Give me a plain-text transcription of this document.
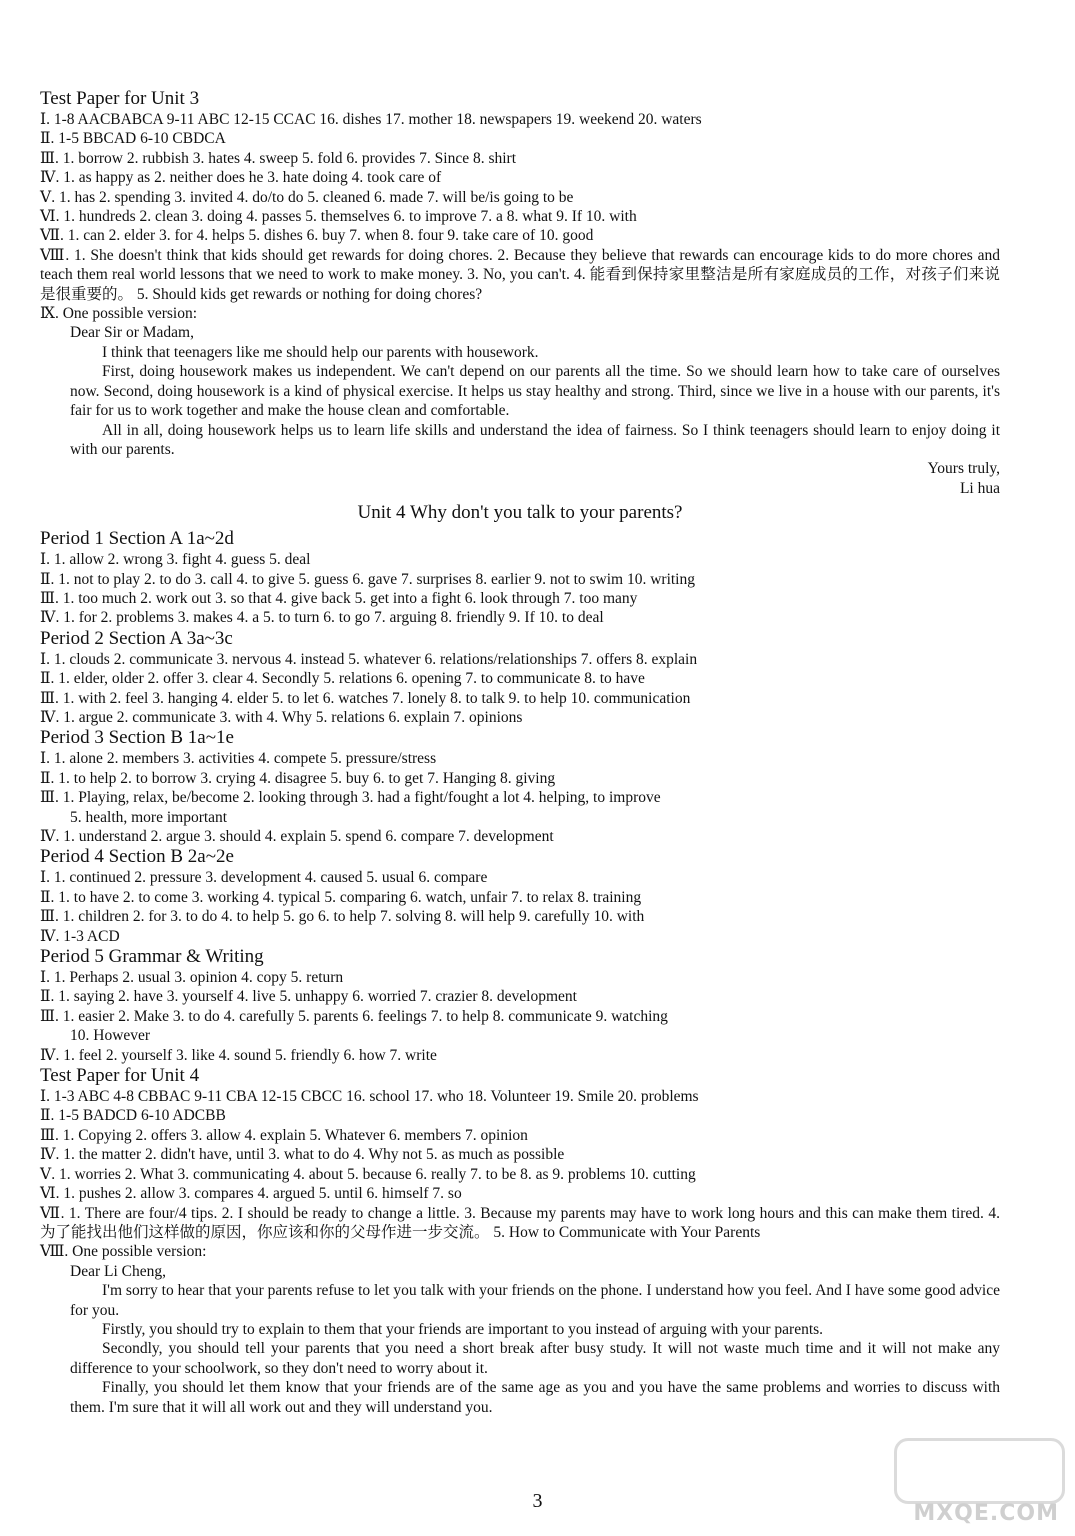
Test Paper for Unit 3

Ⅰ. 1-8 AACBABCA 9-11 ABC 12-15 CCAC 16. dishes 17. mother 18. newspapers 19. weekend 20. waters

Ⅱ. 1-5 BBCAD 6-10 CBDCA

Ⅲ. 1. borrow 2. rubbish 3. hates 4. sweep 5. fold 6. provides 7. Since 8. shirt

Ⅳ. 1. as happy as 2. neither does he 3. hate doing 4. took care of

Ⅴ. 1. has 2. spending 3. invited 4. do/to do 5. cleaned 6. made 7. will be/is going to be

Ⅵ. 1. hundreds 2. clean 3. doing 4. passes 5. themselves 6. to improve 7. a 8. what 9. If 10. with

Ⅶ. 1. can 2. elder 3. for 4. helps 5. dishes 6. buy 7. when 8. four 9. take care of 10. good

Ⅷ. 1. She doesn't think that kids should get rewards for doing chores. 2. Because they believe that rewards can encourage kids to do more chores and teach them real world lessons that we need to work to make money. 3. No, you can't. 4. 能看到保持家里整洁是所有家庭成员的工作，对孩子们来说是很重要的。 5. Should kids get rewards or nothing for doing chores?

Ⅸ. One possible version:

Dear Sir or Madam,

I think that teenagers like me should help our parents with housework.

First, doing housework makes us independent. We can't depend on our parents all the time. So we should learn how to take care of ourselves now. Second, doing housework is a kind of physical exercise. It helps us stay healthy and strong. Third, since we live in a house with our parents, it's fair for us to work together and make the house clean and comfortable.

All in all, doing housework helps us to learn life skills and understand the idea of fairness. So I think teenagers should learn to enjoy doing it with our parents.

Yours truly,

Li hua

Unit 4 Why don't you talk to your parents?

Period 1 Section A 1a~2d

Ⅰ. 1. allow 2. wrong 3. fight 4. guess 5. deal

Ⅱ. 1. not to play 2. to do 3. call 4. to give 5. guess 6. gave 7. surprises 8. earlier 9. not to swim 10. writing

Ⅲ. 1. too much 2. work out 3. so that 4. give back 5. get into a fight 6. look through 7. too many

Ⅳ. 1. for 2. problems 3. makes 4. a 5. to turn 6. to go 7. arguing 8. friendly 9. If 10. to deal

Period 2 Section A 3a~3c

Ⅰ. 1. clouds 2. communicate 3. nervous 4. instead 5. whatever 6. relations/relationships 7. offers 8. explain

Ⅱ. 1. elder, older 2. offer 3. clear 4. Secondly 5. relations 6. opening 7. to communicate 8. to have

Ⅲ. 1. with 2. feel 3. hanging 4. elder 5. to let 6. watches 7. lonely 8. to talk 9. to help 10. communication

Ⅳ. 1. argue 2. communicate 3. with 4. Why 5. relations 6. explain 7. opinions

Period 3 Section B 1a~1e

Ⅰ. 1. alone 2. members 3. activities 4. compete 5. pressure/stress

Ⅱ. 1. to help 2. to borrow 3. crying 4. disagree 5. buy 6. to get 7. Hanging 8. giving

Ⅲ. 1. Playing, relax, be/become 2. looking through 3. had a fight/fought a lot 4. helping, to improve

5. health, more important

Ⅳ. 1. understand 2. argue 3. should 4. explain 5. spend 6. compare 7. development

Period 4 Section B 2a~2e

Ⅰ. 1. continued 2. pressure 3. development 4. caused 5. usual 6. compare

Ⅱ. 1. to have 2. to come 3. working 4. typical 5. comparing 6. watch, unfair 7. to relax 8. training

Ⅲ. 1. children 2. for 3. to do 4. to help 5. go 6. to help 7. solving 8. will help 9. carefully 10. with

Ⅳ. 1-3 ACD

Period 5 Grammar & Writing

Ⅰ. 1. Perhaps 2. usual 3. opinion 4. copy 5. return

Ⅱ. 1. saying 2. have 3. yourself 4. live 5. unhappy 6. worried 7. crazier 8. development

Ⅲ. 1. easier 2. Make 3. to do 4. carefully 5. parents 6. feelings 7. to help 8. communicate 9. watching

10. However

Ⅳ. 1. feel 2. yourself 3. like 4. sound 5. friendly 6. how 7. write

Test Paper for Unit 4

Ⅰ. 1-3 ABC 4-8 CBBAC 9-11 CBA 12-15 CBCC 16. school 17. who 18. Volunteer 19. Smile 20. problems

Ⅱ. 1-5 BADCD 6-10 ADCBB

Ⅲ. 1. Copying 2. offers 3. allow 4. explain 5. Whatever 6. members 7. opinion

Ⅳ. 1. the matter 2. didn't have, until 3. what to do 4. Why not 5. as much as possible

Ⅴ. 1. worries 2. What 3. communicating 4. about 5. because 6. really 7. to be 8. as 9. problems 10. cutting

Ⅵ. 1. pushes 2. allow 3. compares 4. argued 5. until 6. himself 7. so

Ⅶ. 1. There are four/4 tips. 2. I should be ready to change a little. 3. Because my parents may have to work long hours and this can make them tired. 4. 为了能找出他们这样做的原因，你应该和你的父母作进一步交流。 5. How to Communicate with Your Parents

Ⅷ. One possible version:

Dear Li Cheng,

I'm sorry to hear that your parents refuse to let you talk with your friends on the phone. I understand how you feel. And I have some good advice for you.

Firstly, you should try to explain to them that your friends are important to you instead of arguing with your parents.

Secondly, you should tell your parents that you need a short break after busy study. It will not waste much time and it will not make any difference to your schoolwork, so they don't need to worry about it.

Finally, you should let them know that your friends are of the same age as you and you have the same problems and worries to discuss with them. I'm sure that it will all work out and they will understand you.

3	MXQE.COM
